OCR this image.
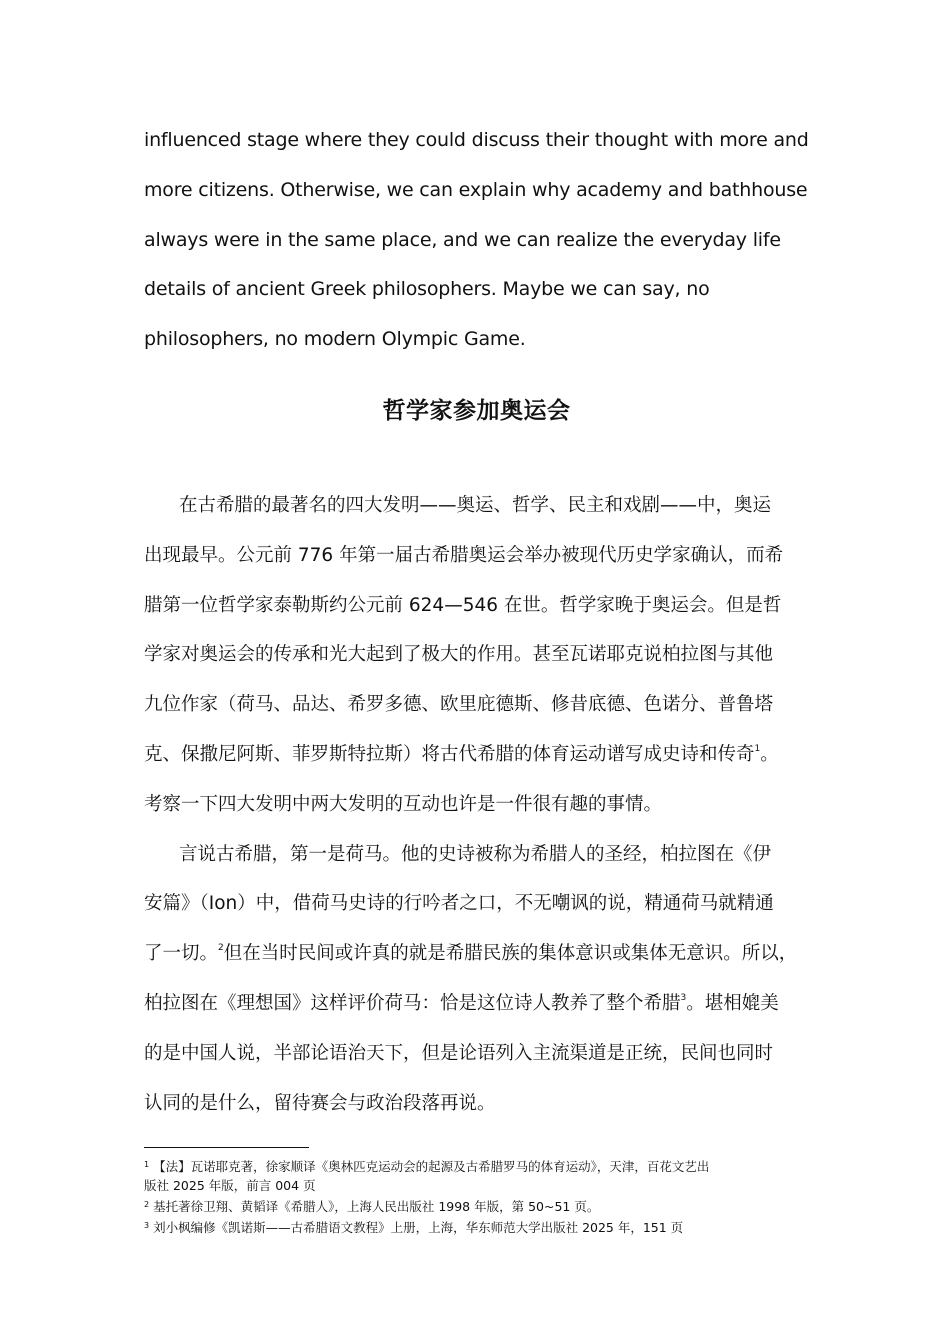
influenced stage where they could discuss their thought with more and
more citizens. Otherwise, we can explain why academy and bathhouse
always were in the same place, and we can realize the everyday life
details of ancient Greek philosophers. Maybe we can say, no
philosophers, no modern Olympic Game.
哲学家参加奥运会
在古希腊的最著名的四大发明——奥运、哲学、民主和戏剧——中，奥运
出现最早。公元前 776 年第一届古希腊奥运会举办被现代历史学家确认，而希
腊第一位哲学家泰勒斯约公元前 624—546 在世。哲学家晚于奥运会。但是哲
学家对奥运会的传承和光大起到了极大的作用。甚至瓦诺耶克说柏拉图与其他
九位作家（荷马、品达、希罗多德、欧里庇德斯、修昔底德、色诺分、普鲁塔
克、保撒尼阿斯、菲罗斯特拉斯）将古代希腊的体育运动谱写成史诗和传奇$^1$。
考察一下四大发明中两大发明的互动也许是一件很有趣的事情。
言说古希腊，第一是荷马。他的史诗被称为希腊人的圣经，柏拉图在《伊
安篇》（Ion）中，借荷马史诗的行吟者之口，不无嘲讽的说，精通荷马就精通
了一切。$^2$但在当时民间或许真的就是希腊民族的集体意识或集体无意识。所以，
柏拉图在《理想国》这样评价荷马：恰是这位诗人教养了整个希腊$^3$。堪相媲美
的是中国人说，半部论语治天下，但是论语列入主流渠道是正统，民间也同时
认同的是什么，留待赛会与政治段落再说。
$^1$ 【法】瓦诺耶克著，徐家顺译《奥林匹克运动会的起源及古希腊罗马的体育运动》，天津，百花文艺出
版社 2025 年版，前言 004 页
$^2$ 基托著徐卫翔、黄韬译《希腊人》，上海人民出版社 1998 年版，第 50~51 页。
$^3$ 刘小枫编修《凯诺斯——古希腊语文教程》上册，上海，华东师范大学出版社 2025 年，151 页
